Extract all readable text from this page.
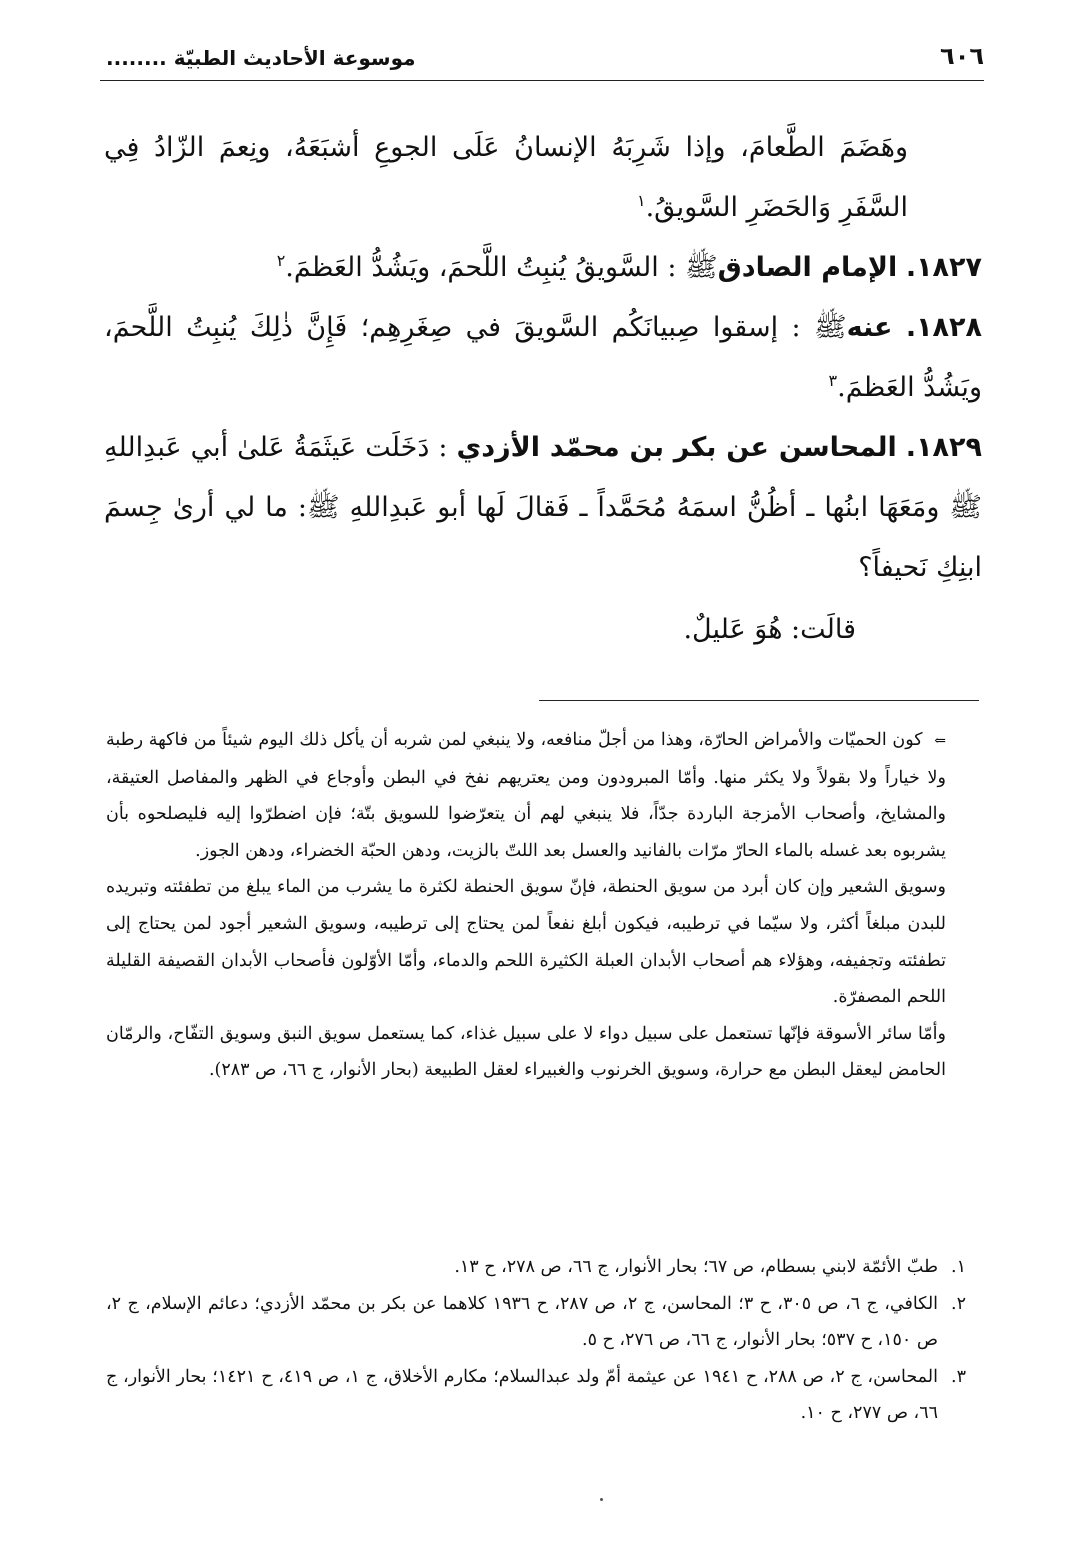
٦٠٦
موسوعة الأحاديث الطبيّة ........

وهَضَمَ الطَّعامَ، وإذا شَرِبَهُ الإنسانُ عَلَى الجوعِ أشبَعَهُ، ونِعمَ الزّادُ فِي السَّفَرِ وَالحَضَرِ السَّويقُ.$^١$

١٨٢٧. الإمام الصادقﷺ : السَّويقُ يُنبِتُ اللَّحمَ، ويَشُدُّ العَظمَ.$^٢$

١٨٢٨. عنهﷺ : إسقوا صِبيانَكُم السَّويقَ في صِغَرِهِم؛ فَإِنَّ ذٰلِكَ يُنبِتُ اللَّحمَ، ويَشُدُّ العَظمَ.$^٣$

١٨٢٩. المحاسن عن بكر بن محمّد الأزدي : دَخَلَت عَيثَمَةُ عَلىٰ أبي عَبدِاللهِ ﷺ ومَعَهَا ابنُها ـ أظُنُّ اسمَهُ مُحَمَّداً ـ فَقالَ لَها أبو عَبدِاللهِ ﷺ: ما لي أرىٰ جِسمَ ابنِكِ نَحيفاً؟

قالَت: هُوَ عَليلٌ.

⇐ كون الحميّات والأمراض الحارّة، وهذا من أجلّ منافعه، ولا ينبغي لمن شربه أن يأكل ذلك اليوم شيئاً من فاكهة رطبة ولا خياراً ولا بقولاً ولا يكثر منها. وأمّا المبرودون ومن يعتريهم نفخ في البطن وأوجاع في الظهر والمفاصل العتيقة، والمشايخ، وأصحاب الأمزجة الباردة جدّاً، فلا ينبغي لهم أن يتعرّضوا للسويق بتّة؛ فإن اضطرّوا إليه فليصلحوه بأن يشربوه بعد غسله بالماء الحارّ مرّات بالفانيد والعسل بعد اللتّ بالزيت، ودهن الحبّة الخضراء، ودهن الجوز.

وسويق الشعير وإن كان أبرد من سويق الحنطة، فإنّ سويق الحنطة لكثرة ما يشرب من الماء يبلغ من تطفئته وتبريده للبدن مبلغاً أكثر، ولا سيّما في ترطيبه، فيكون أبلغ نفعاً لمن يحتاج إلى ترطيبه، وسويق الشعير أجود لمن يحتاج إلى تطفئته وتجفيفه، وهؤلاء هم أصحاب الأبدان العبلة الكثيرة اللحم والدماء، وأمّا الأوّلون فأصحاب الأبدان القصيفة القليلة اللحم المصفرّة.

وأمّا سائر الأسوقة فإنّها تستعمل على سبيل دواء لا على سبيل غذاء، كما يستعمل سويق النبق وسويق التفّاح، والرمّان الحامض ليعقل البطن مع حرارة، وسويق الخرنوب والغبيراء لعقل الطبيعة (بحار الأنوار، ج ٦٦، ص ٢٨٣).

١.
طبّ الأئمّة لابني بسطام، ص ٦٧؛ بحار الأنوار، ج ٦٦، ص ٢٧٨، ح ١٣.

٢.
الكافي، ج ٦، ص ٣٠٥، ح ٣؛ المحاسن، ج ٢، ص ٢٨٧، ح ١٩٣٦ كلاهما عن بكر بن محمّد الأزدي؛ دعائم الإسلام، ج ٢، ص ١٥٠، ح ٥٣٧؛ بحار الأنوار، ج ٦٦، ص ٢٧٦، ح ٥.

٣.
المحاسن، ج ٢، ص ٢٨٨، ح ١٩٤١ عن عيثمة أمّ ولد عبدالسلام؛ مكارم الأخلاق، ج ١، ص ٤١٩، ح ١٤٢١؛ بحار الأنوار، ج ٦٦، ص ٢٧٧، ح ١٠.
